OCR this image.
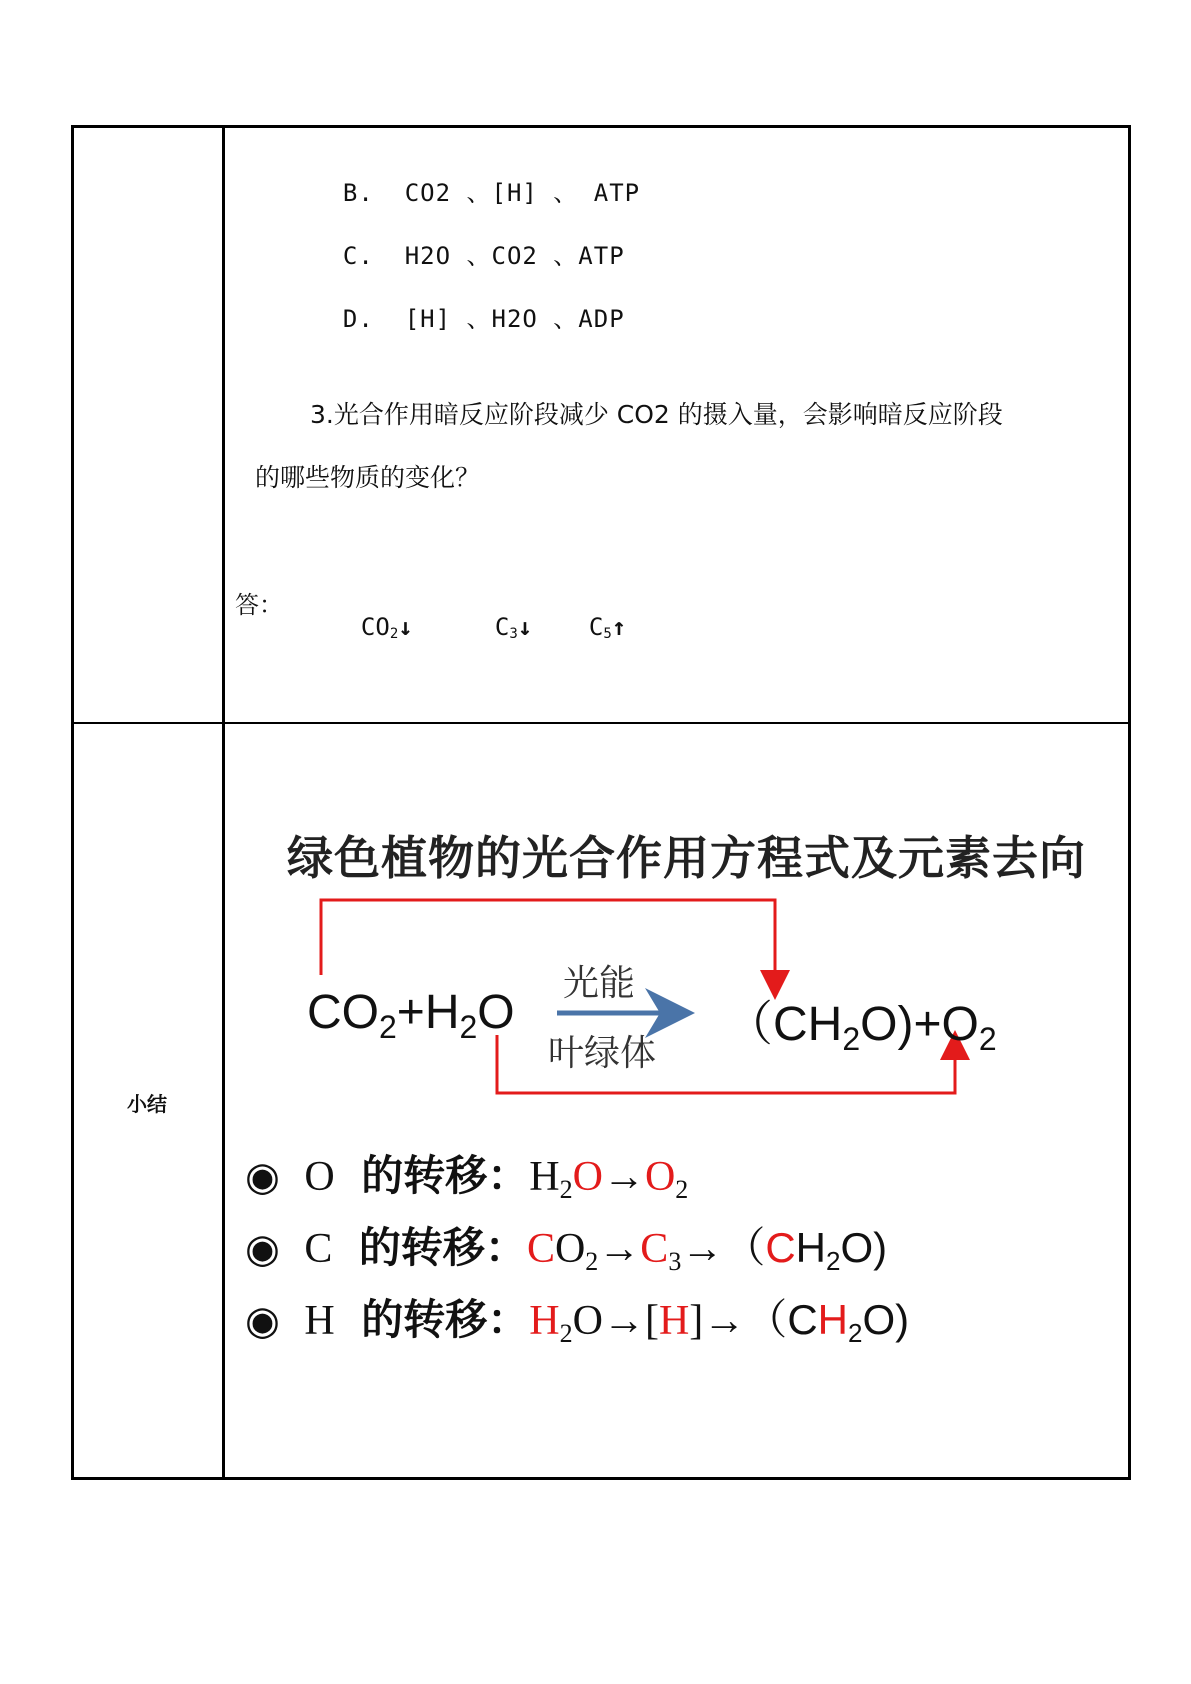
B. CO2 、[H] 、 ATP

C. H2O 、CO2 、ATP

D. [H] 、H2O 、ADP

3.光合作用暗反应阶段减少 CO2 的摄入量，会影响暗反应阶段
的哪些物质的变化？
答：

$CO_2↓$	$C_3↓$	$C_5↑$

小结
绿色植物的光合作用方程式及元素去向
$CO_2+H_2O$
光能
叶绿体
$(CH_2O)+O_2$
◉ O 的转移：$H_2O\to O_2$
◉ C 的转移：$CO_2\to C_3\to(CH_2O)$
◉ H 的转移：$H_2O\to[H]\to(CH_2O)$
